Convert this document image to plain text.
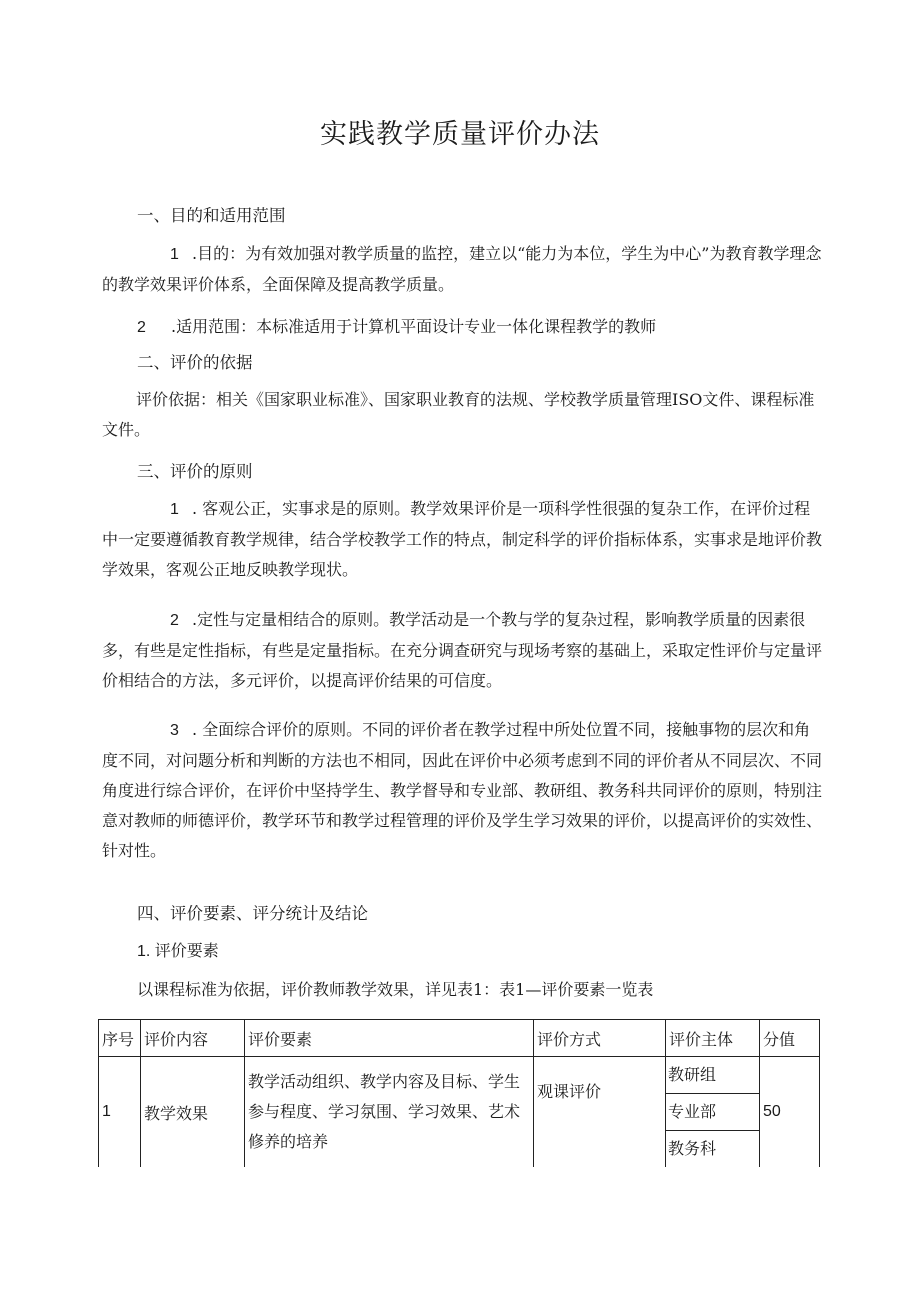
实践教学质量评价办法
一、目的和适用范围
1 .目的：为有效加强对教学质量的监控，建立以“能力为本位，学生为中心”为教育教学理念的教学效果评价体系，全面保障及提高教学质量。
2 .适用范围：本标准适用于计算机平面设计专业一体化课程教学的教师
二、评价的依据
评价依据：相关《国家职业标准》、国家职业教育的法规、学校教学质量管理ISO文件、课程标准文件。
三、评价的原则
1 . 客观公正，实事求是的原则。教学效果评价是一项科学性很强的复杂工作，在评价过程中一定要遵循教育教学规律，结合学校教学工作的特点，制定科学的评价指标体系，实事求是地评价教学效果，客观公正地反映教学现状。
2 .定性与定量相结合的原则。教学活动是一个教与学的复杂过程，影响教学质量的因素很多，有些是定性指标，有些是定量指标。在充分调查研究与现场考察的基础上，采取定性评价与定量评价相结合的方法，多元评价，以提高评价结果的可信度。
3 . 全面综合评价的原则。不同的评价者在教学过程中所处位置不同，接触事物的层次和角度不同，对问题分析和判断的方法也不相同，因此在评价中必须考虑到不同的评价者从不同层次、不同角度进行综合评价，在评价中坚持学生、教学督导和专业部、教研组、教务科共同评价的原则，特别注意对教师的师德评价，教学环节和教学过程管理的评价及学生学习效果的评价，以提高评价的实效性、针对性。
四、评价要素、评分统计及结论
1. 评价要素
以课程标准为依据，评价教师教学效果，详见表1：表1—评价要素一览表
序号	评价内容	评价要素	评价方式	评价主体	分值
1	教学效果	教学活动组织、教学内容及目标、学生参与程度、学习氛围、学习效果、艺术修养的培养	观课评价	教研组
专业部
教务科	50
